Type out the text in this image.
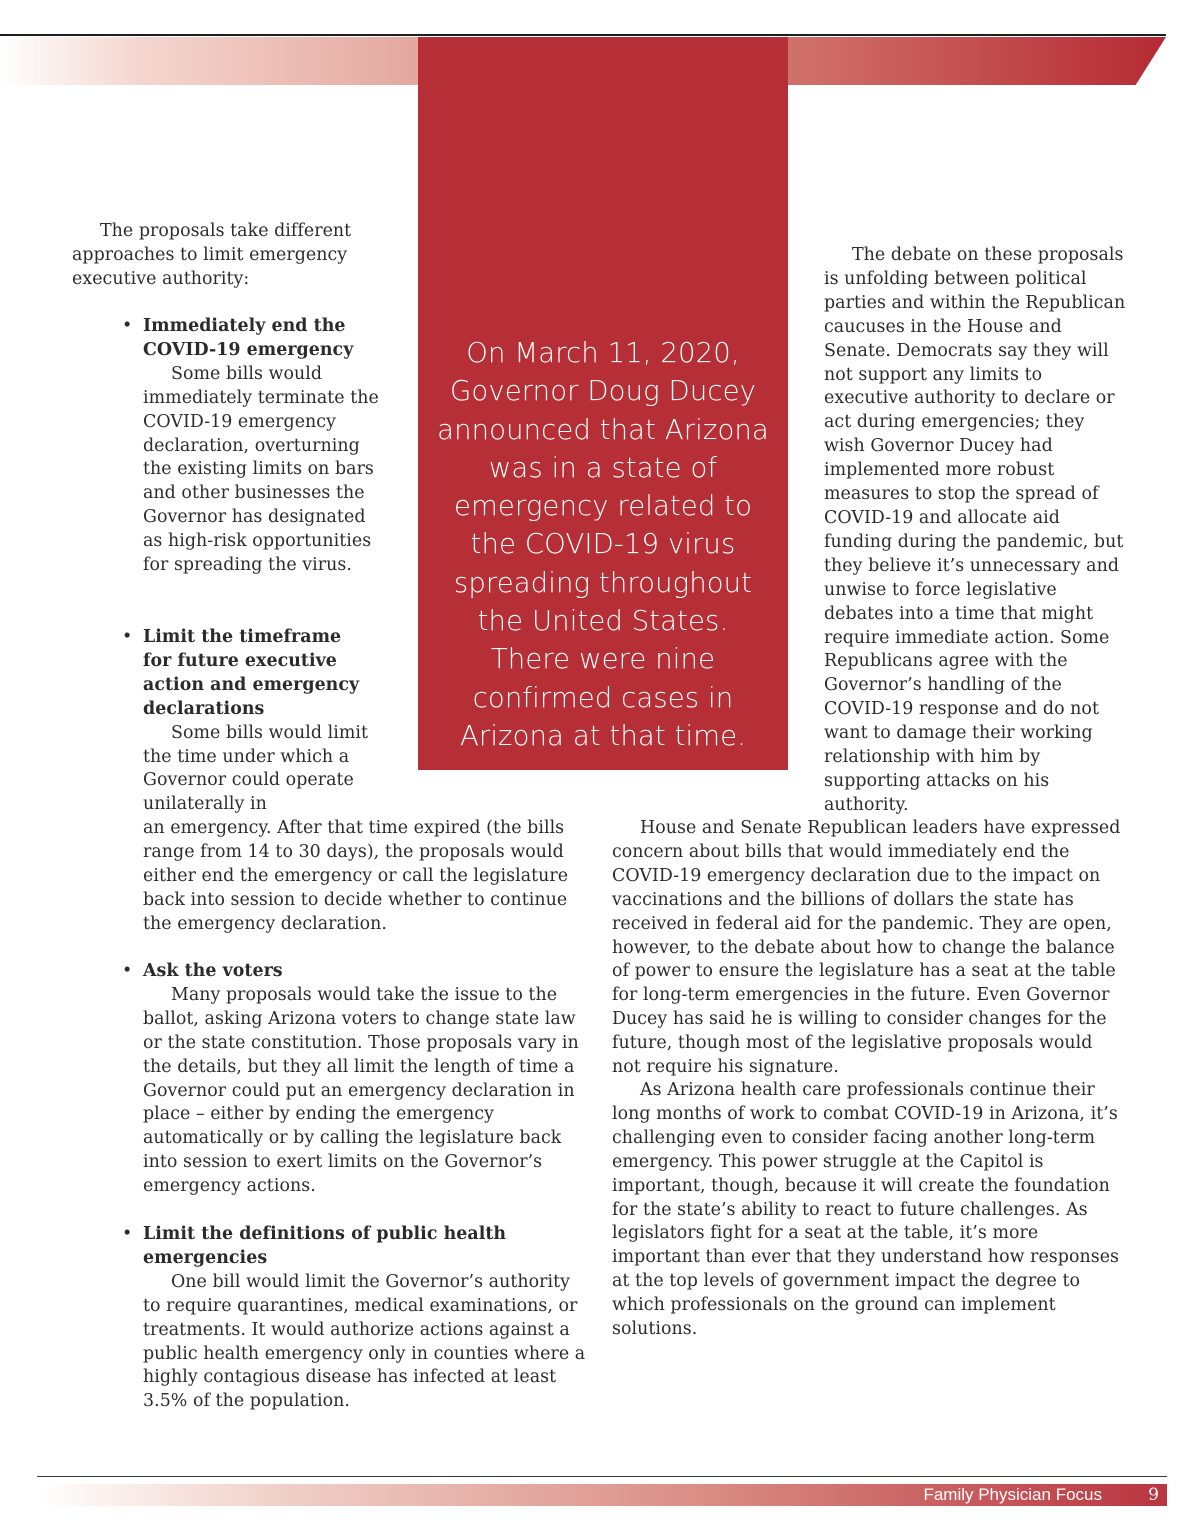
On March 11, 2020, Governor Doug Ducey announced that Arizona was in a state of emergency related to the COVID-19 virus spreading throughout the United States. There were nine confirmed cases in Arizona at that time.

The proposals take different approaches to limit emergency executive authority:

• Immediately end the COVID-19 emergency

Some bills would immediately terminate the COVID-19 emergency declaration, overturning the existing limits on bars and other businesses the Governor has designated as high-risk opportunities for spreading the virus.

• Limit the timeframe for future executive action and emergency declarations

Some bills would limit the time under which a Governor could operate unilaterally in

an emergency. After that time expired (the bills range from 14 to 30 days), the proposals would either end the emergency or call the legislature back into session to decide whether to continue the emergency declaration.

• Ask the voters

Many proposals would take the issue to the ballot, asking Arizona voters to change state law or the state constitution. Those proposals vary in the details, but they all limit the length of time a Governor could put an emergency declaration in place – either by ending the emergency automatically or by calling the legislature back into session to exert limits on the Governor’s emergency actions.

• Limit the definitions of public health emergencies

One bill would limit the Governor’s authority to require quarantines, medical examinations, or treatments. It would authorize actions against a public health emergency only in counties where a highly contagious disease has infected at least 3.5% of the population.

The debate on these proposals is unfolding between political parties and within the Republican caucuses in the House and Senate. Democrats say they will not support any limits to executive authority to declare or act during emergencies; they wish Governor Ducey had implemented more robust measures to stop the spread of COVID-19 and allocate aid funding during the pandemic, but they believe it’s unnecessary and unwise to force legislative debates into a time that might require immediate action. Some Republicans agree with the Governor’s handling of the COVID-19 response and do not want to damage their working relationship with him by supporting attacks on his authority.

House and Senate Republican leaders have expressed concern about bills that would immediately end the COVID-19 emergency declaration due to the impact on vaccinations and the billions of dollars the state has received in federal aid for the pandemic. They are open, however, to the debate about how to change the balance of power to ensure the legislature has a seat at the table for long-term emergencies in the future. Even Governor Ducey has said he is willing to consider changes for the future, though most of the legislative proposals would not require his signature.

As Arizona health care professionals continue their long months of work to combat COVID-19 in Arizona, it’s challenging even to consider facing another long-term emergency. This power struggle at the Capitol is important, though, because it will create the foundation for the state’s ability to react to future challenges. As legislators fight for a seat at the table, it’s more important than ever that they understand how responses at the top levels of government impact the degree to which professionals on the ground can implement solutions.

Family Physician Focus	9
